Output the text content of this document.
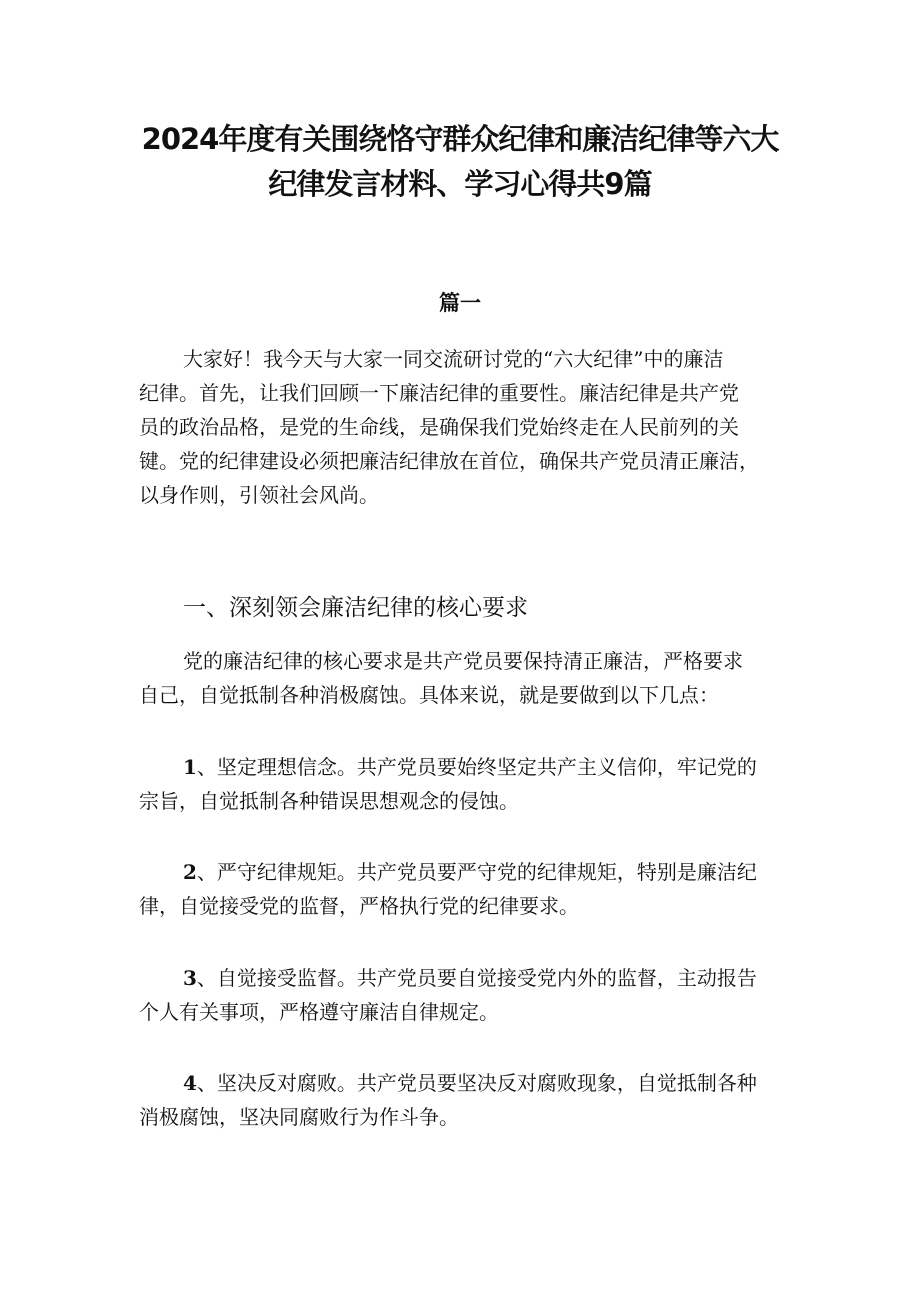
2024年度有关围绕恪守群众纪律和廉洁纪律等六大
纪律发言材料、学习心得共9篇
篇一
大家好！我今天与大家一同交流研讨党的“六大纪律”中的廉洁
纪律。首先，让我们回顾一下廉洁纪律的重要性。廉洁纪律是共产党
员的政治品格，是党的生命线，是确保我们党始终走在人民前列的关
键。党的纪律建设必须把廉洁纪律放在首位，确保共产党员清正廉洁，
以身作则，引领社会风尚。
一、深刻领会廉洁纪律的核心要求
党的廉洁纪律的核心要求是共产党员要保持清正廉洁，严格要求
自己，自觉抵制各种消极腐蚀。具体来说，就是要做到以下几点：
1、坚定理想信念。共产党员要始终坚定共产主义信仰，牢记党的
宗旨，自觉抵制各种错误思想观念的侵蚀。
2、严守纪律规矩。共产党员要严守党的纪律规矩，特别是廉洁纪
律，自觉接受党的监督，严格执行党的纪律要求。
3、自觉接受监督。共产党员要自觉接受党内外的监督，主动报告
个人有关事项，严格遵守廉洁自律规定。
4、坚决反对腐败。共产党员要坚决反对腐败现象，自觉抵制各种
消极腐蚀，坚决同腐败行为作斗争。
